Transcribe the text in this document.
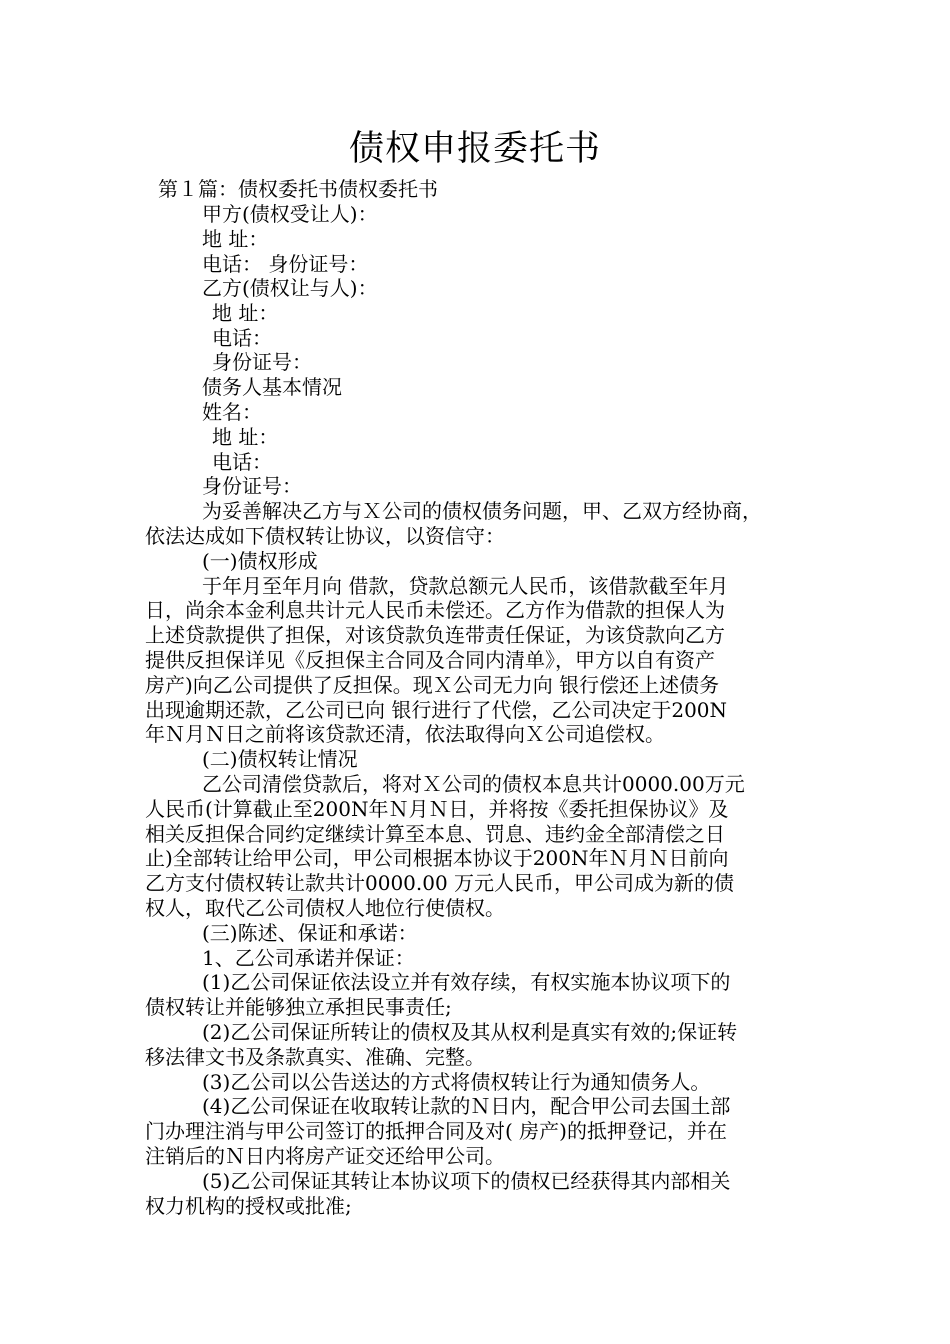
债权申报委托书
第１篇：债权委托书债权委托书
甲方(债权受让人)：
地 址：
电话： 身份证号：
乙方(债权让与人)：
地 址：
电话：
身份证号：
债务人基本情况
姓名：
地 址：
电话：
身份证号：
为妥善解决乙方与Ｘ公司的债权债务问题，甲、乙双方经协商，
依法达成如下债权转让协议，以资信守：
(一)债权形成
于年月至年月向 借款，贷款总额元人民币，该借款截至年月
日，尚余本金利息共计元人民币未偿还。乙方作为借款的担保人为
上述贷款提供了担保，对该贷款负连带责任保证，为该贷款向乙方
提供反担保详见《反担保主合同及合同内清单》，甲方以自有资产
房产)向乙公司提供了反担保。现Ｘ公司无力向 银行偿还上述债务
出现逾期还款，乙公司已向 银行进行了代偿，乙公司决定于200N
年Ｎ月Ｎ日之前将该贷款还清，依法取得向Ｘ公司追偿权。
(二)债权转让情况
乙公司清偿贷款后，将对Ｘ公司的债权本息共计0000.00万元
人民币(计算截止至200N年Ｎ月Ｎ日，并将按《委托担保协议》及
相关反担保合同约定继续计算至本息、罚息、违约金全部清偿之日
止)全部转让给甲公司，甲公司根据本协议于200N年Ｎ月Ｎ日前向
乙方支付债权转让款共计0000.00 万元人民币，甲公司成为新的债
权人，取代乙公司债权人地位行使债权。
(三)陈述、保证和承诺：
1、乙公司承诺并保证：
(1)乙公司保证依法设立并有效存续，有权实施本协议项下的
债权转让并能够独立承担民事责任;
(2)乙公司保证所转让的债权及其从权利是真实有效的;保证转
移法律文书及条款真实、准确、完整。
(3)乙公司以公告送达的方式将债权转让行为通知债务人。
(4)乙公司保证在收取转让款的Ｎ日内，配合甲公司去国土部
门办理注消与甲公司签订的抵押合同及对( 房产)的抵押登记，并在
注销后的Ｎ日内将房产证交还给甲公司。
(5)乙公司保证其转让本协议项下的债权已经获得其内部相关
权力机构的授权或批准;
